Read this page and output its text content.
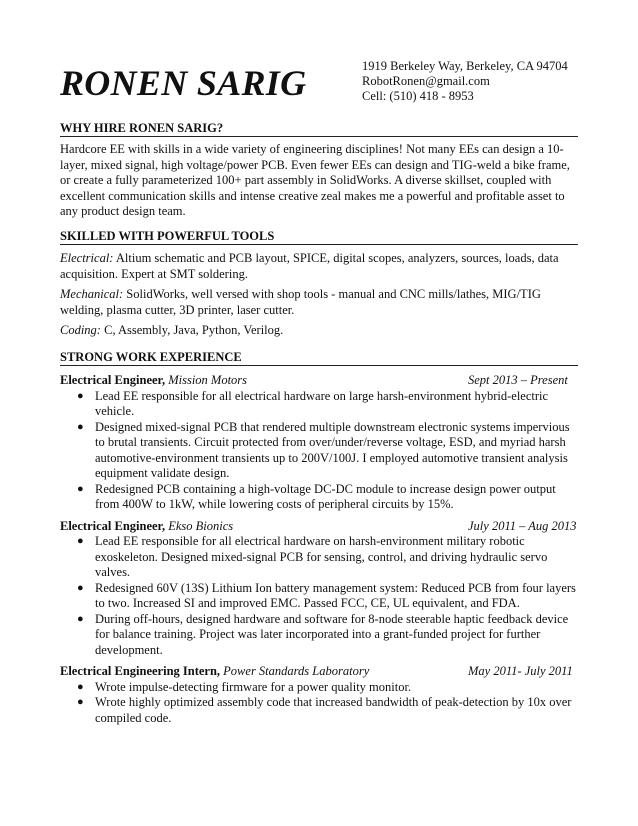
RONEN SARIG	1919 Berkeley Way, Berkeley, CA 94704
RobotRonen@gmail.com
Cell: (510) 418 - 8953
WHY HIRE RONEN SARIG?
Hardcore EE with skills in a wide variety of engineering disciplines! Not many EEs can design a 10-
layer, mixed signal, high voltage/power PCB. Even fewer EEs can design and TIG-weld a bike frame,
or create a fully parameterized 100+ part assembly in SolidWorks. A diverse skillset, coupled with
excellent communication skills and intense creative zeal makes me a powerful and profitable asset to
any product design team.
SKILLED WITH POWERFUL TOOLS
Electrical: Altium schematic and PCB layout, SPICE, digital scopes, analyzers, sources, loads, data
acquisition. Expert at SMT soldering.
Mechanical: SolidWorks, well versed with shop tools - manual and CNC mills/lathes, MIG/TIG
welding, plasma cutter, 3D printer, laser cutter.
Coding: C, Assembly, Java, Python, Verilog.
STRONG WORK EXPERIENCE
Electrical Engineer, Mission Motors	Sept 2013 – Present
● Lead EE responsible for all electrical hardware on large harsh-environment hybrid-electric
vehicle.
● Designed mixed-signal PCB that rendered multiple downstream electronic systems impervious
to brutal transients. Circuit protected from over/under/reverse voltage, ESD, and myriad harsh
automotive-environment transients up to 200V/100J. I employed automotive transient analysis
equipment validate design.
● Redesigned PCB containing a high-voltage DC-DC module to increase design power output
from 400W to 1kW, while lowering costs of peripheral circuits by 15%.
Electrical Engineer, Ekso Bionics	July 2011 – Aug 2013
● Lead EE responsible for all electrical hardware on harsh-environment military robotic
exoskeleton. Designed mixed-signal PCB for sensing, control, and driving hydraulic servo
valves.
● Redesigned 60V (13S) Lithium Ion battery management system: Reduced PCB from four layers
to two. Increased SI and improved EMC. Passed FCC, CE, UL equivalent, and FDA.
● During off-hours, designed hardware and software for 8-node steerable haptic feedback device
for balance training. Project was later incorporated into a grant-funded project for further
development.
Electrical Engineering Intern, Power Standards Laboratory	May 2011- July 2011
● Wrote impulse-detecting firmware for a power quality monitor.
● Wrote highly optimized assembly code that increased bandwidth of peak-detection by 10x over
compiled code.
